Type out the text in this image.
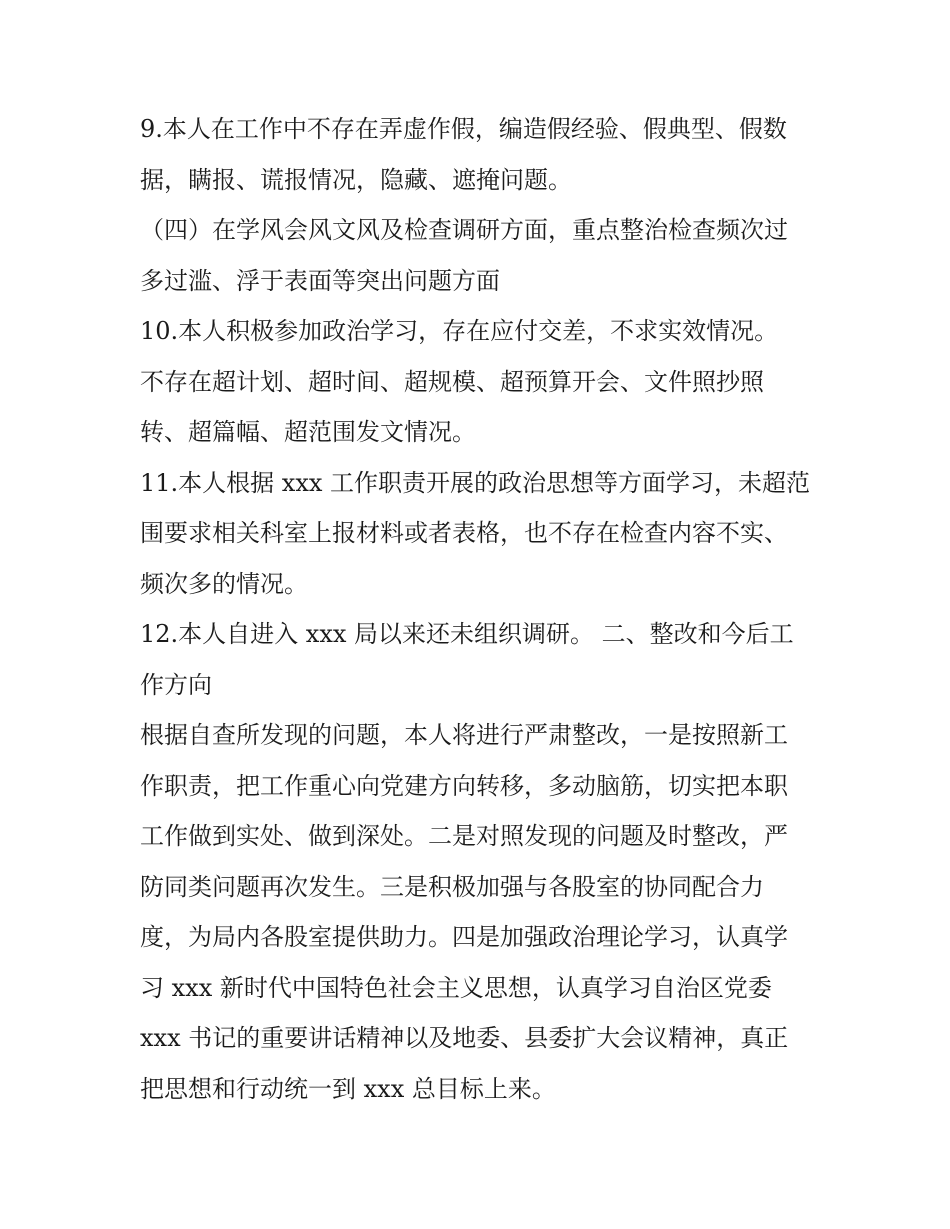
9.本人在工作中不存在弄虚作假，编造假经验、假典型、假数
据，瞒报、谎报情况，隐藏、遮掩问题。
（四）在学风会风文风及检查调研方面，重点整治检查频次过
多过滥、浮于表面等突出问题方面
10.本人积极参加政治学习，存在应付交差，不求实效情况。
不存在超计划、超时间、超规模、超预算开会、文件照抄照
转、超篇幅、超范围发文情况。
11.本人根据 xxx 工作职责开展的政治思想等方面学习，未超范
围要求相关科室上报材料或者表格，也不存在检查内容不实、
频次多的情况。
12.本人自进入 xxx 局以来还未组织调研。 二、整改和今后工
作方向
根据自查所发现的问题，本人将进行严肃整改，一是按照新工
作职责，把工作重心向党建方向转移，多动脑筋，切实把本职
工作做到实处、做到深处。二是对照发现的问题及时整改，严
防同类问题再次发生。三是积极加强与各股室的协同配合力
度，为局内各股室提供助力。四是加强政治理论学习，认真学
习 xxx 新时代中国特色社会主义思想，认真学习自治区党委
xxx 书记的重要讲话精神以及地委、县委扩大会议精神，真正
把思想和行动统一到 xxx 总目标上来。
